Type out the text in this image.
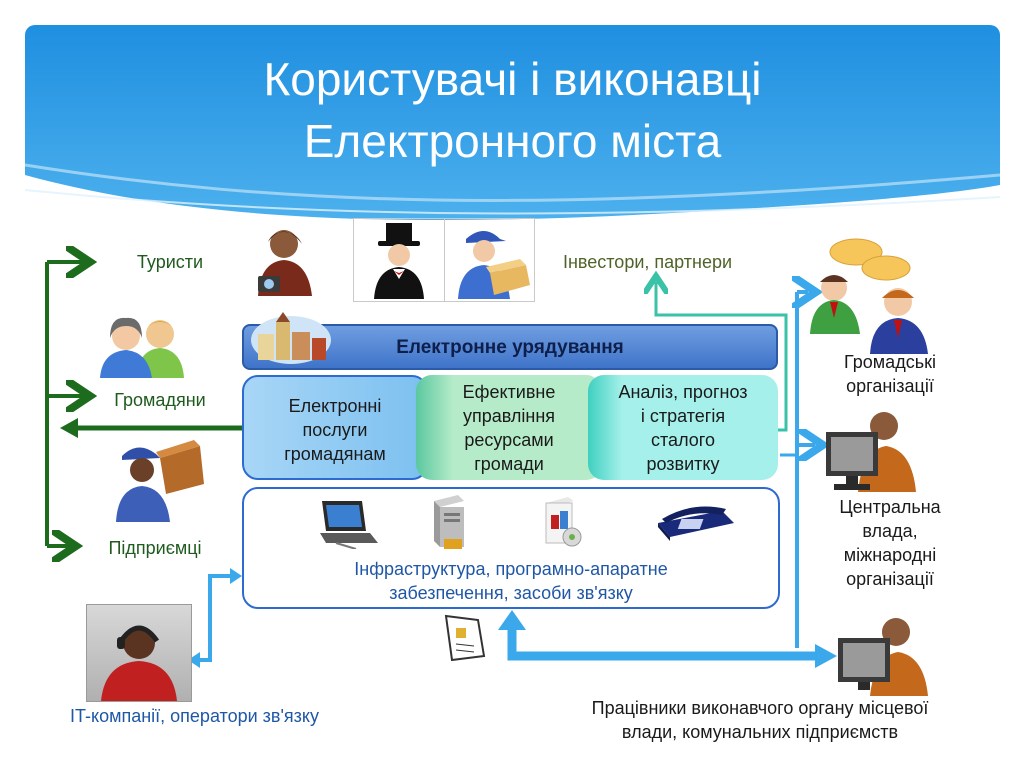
Користувачі і виконавці
Електронного міста
Туристи	Інвестори, партнери
Громадяни
Підприємці
IT-компанії, оператори зв'язку
Громадські
організації
Центральна
влада,
міжнародні
організації
Працівники виконавчого органу місцевої
влади, комунальних підприємств
Електронне урядування
Електронні
послуги
громадянам
Ефективне
управління
ресурсами
громади
Аналіз, прогноз
і стратегія
сталого
розвитку
Інфраструктура, програмно-апаратне
забезпечення, засоби зв'язку
